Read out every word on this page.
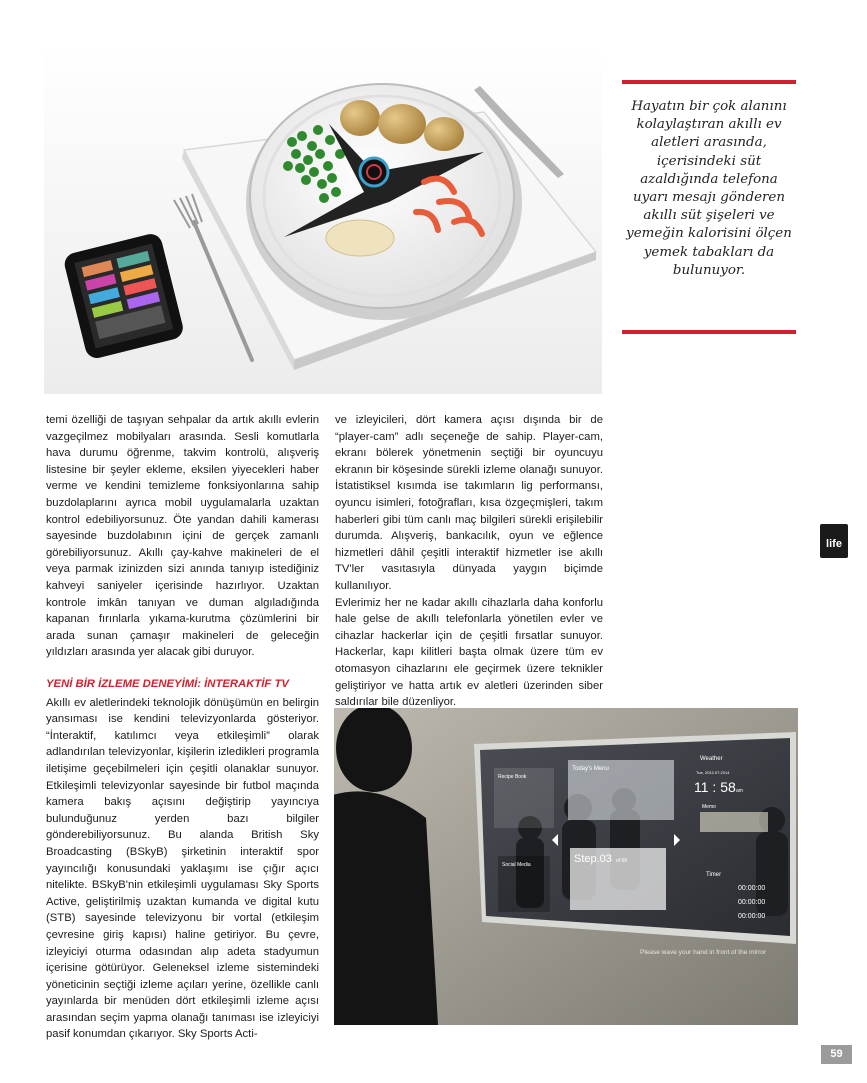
Hayatın bir çok alanını kolaylaştıran akıllı ev aletleri arasında, içerisindeki süt azaldığında telefona uyarı mesajı gönderen akıllı süt şişeleri ve yemeğin kalorisini ölçen yemek tabakları da bulunuyor.

temi özelliği de taşıyan sehpalar da artık akıllı evlerin vazgeçilmez mobilyaları arasında. Sesli komutlarla hava durumu öğrenme, takvim kontrolü, alışveriş listesine bir şeyler ekleme, eksilen yiyecekleri haber verme ve kendini temizleme fonksiyonlarına sahip buzdolaplarını ayrıca mobil uygulamalarla uzaktan kontrol edebiliyorsunuz. Öte yandan dahili kamerası sayesinde buzdolabının içini de gerçek zamanlı görebiliyorsunuz. Akıllı çay-kahve makineleri de el veya parmak izinizden sizi anında tanıyıp istediğiniz kahveyi saniyeler içerisinde hazırlıyor. Uzaktan kontrole imkân tanıyan ve duman algıladığında kapanan fırınlarla yıkama-kurutma çözümlerini bir arada sunan çamaşır makineleri de geleceğin yıldızları arasında yer alacak gibi duruyor.

YENİ BİR İZLEME DENEYİMİ: İNTERAKTİF TV

Akıllı ev aletlerindeki teknolojik dönüşümün en belirgin yansıması ise kendini televizyonlarda gösteriyor. “İnteraktif, katılımcı veya etkileşimli” olarak adlandırılan televizyonlar, kişilerin izledikleri programla iletişime geçebilmeleri için çeşitli olanaklar sunuyor. Etkileşimli televizyonlar sayesinde bir futbol maçında kamera bakış açısını değiştirip yayıncıya bulunduğunuz yerden bazı bilgiler gönderebiliyorsunuz. Bu alanda British Sky Broadcasting (BSkyB) şirketinin interaktif spor yayıncılığı konusundaki yaklaşımı ise çığır açıcı nitelikte. BSkyB'nin etkileşimli uygulaması Sky Sports Active, geliştirilmiş uzaktan kumanda ve digital kutu (STB) sayesinde televizyonu bir vortal (etkileşim çevresine giriş kapısı) haline getiriyor. Bu çevre, izleyiciyi oturma odasından alıp adeta stadyumun içerisine götürüyor. Geleneksel izleme sistemindeki yöneticinin seçtiği izleme açıları yerine, özellikle canlı yayınlarda bir menüden dört etkileşimli izleme açısı arasından seçim yapma olanağı tanıması ise izleyiciyi pasif konumdan çıkarıyor. Sky Sports Acti-

ve izleyicileri, dört kamera açısı dışında bir de “player-cam” adlı seçeneğe de sahip. Player-cam, ekranı bölerek yönetmenin seçtiği bir oyuncuyu ekranın bir köşesinde sürekli izleme olanağı sunuyor. İstatistiksel kısımda ise takımların lig performansı, oyuncu isimleri, fotoğrafları, kısa özgeçmişleri, takım haberleri gibi tüm canlı maç bilgileri sürekli erişilebilir durumda. Alışveriş, bankacılık, oyun ve eğlence hizmetleri dâhil çeşitli interaktif hizmetler ise akıllı TV'ler vasıtasıyla dünyada yaygın biçimde kullanılıyor.

Evlerimiz her ne kadar akıllı cihazlarla daha konforlu hale gelse de akıllı telefonlarla yönetilen evler ve cihazlar hackerlar için de çeşitli fırsatlar sunuyor. Hackerlar, kapı kilitleri başta olmak üzere tüm ev otomasyon cihazlarını ele geçirmek üzere teknikler geliştiriyor ve hatta artık ev aletleri üzerinden siber saldırılar bile düzenliyor.

Recipe Book
Today's Menu
Step.03 of 06
Social Media
Weather
Tue, 2012.07.2014
11 : 58 am
Memo
Timer
00:00:00
00:00:00
00:00:00
Please wave your hand in front of the mirror
life
59
